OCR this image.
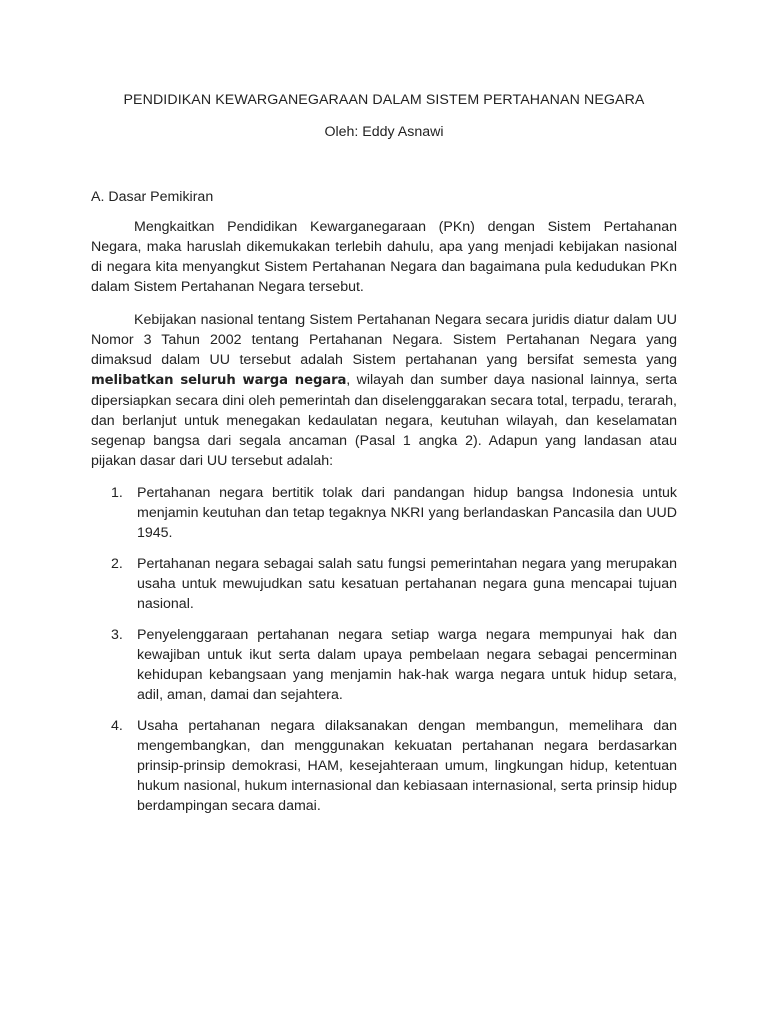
PENDIDIKAN KEWARGANEGARAAN DALAM SISTEM PERTAHANAN NEGARA
Oleh: Eddy Asnawi
A. Dasar Pemikiran

Mengkaitkan Pendidikan Kewarganegaraan (PKn) dengan Sistem Pertahanan Negara, maka haruslah dikemukakan terlebih dahulu, apa yang menjadi kebijakan nasional di negara kita menyangkut Sistem Pertahanan Negara dan bagaimana pula kedudukan PKn dalam Sistem Pertahanan Negara tersebut.

Kebijakan nasional tentang Sistem Pertahanan Negara secara juridis diatur dalam UU Nomor 3 Tahun 2002 tentang Pertahanan Negara. Sistem Pertahanan Negara yang dimaksud dalam UU tersebut adalah Sistem pertahanan yang bersifat semesta yang melibatkan seluruh warga negara, wilayah dan sumber daya nasional lainnya, serta dipersiapkan secara dini oleh pemerintah dan diselenggarakan secara total, terpadu, terarah, dan berlanjut untuk menegakan kedaulatan negara, keutuhan wilayah, dan keselamatan segenap bangsa dari segala ancaman (Pasal 1 angka 2). Adapun yang landasan atau pijakan dasar dari UU tersebut adalah:

1. Pertahanan negara bertitik tolak dari pandangan hidup bangsa Indonesia untuk menjamin keutuhan dan tetap tegaknya NKRI yang berlandaskan Pancasila dan UUD 1945.
2. Pertahanan negara sebagai salah satu fungsi pemerintahan negara yang merupakan usaha untuk mewujudkan satu kesatuan pertahanan negara guna mencapai tujuan nasional.
3. Penyelenggaraan pertahanan negara setiap warga negara mempunyai hak dan kewajiban untuk ikut serta dalam upaya pembelaan negara sebagai pencerminan kehidupan kebangsaan yang menjamin hak-hak warga negara untuk hidup setara, adil, aman, damai dan sejahtera.
4. Usaha pertahanan negara dilaksanakan dengan membangun, memelihara dan mengembangkan, dan menggunakan kekuatan pertahanan negara berdasarkan prinsip-prinsip demokrasi, HAM, kesejahteraan umum, lingkungan hidup, ketentuan hukum nasional, hukum internasional dan kebiasaan internasional, serta prinsip hidup berdampingan secara damai.
